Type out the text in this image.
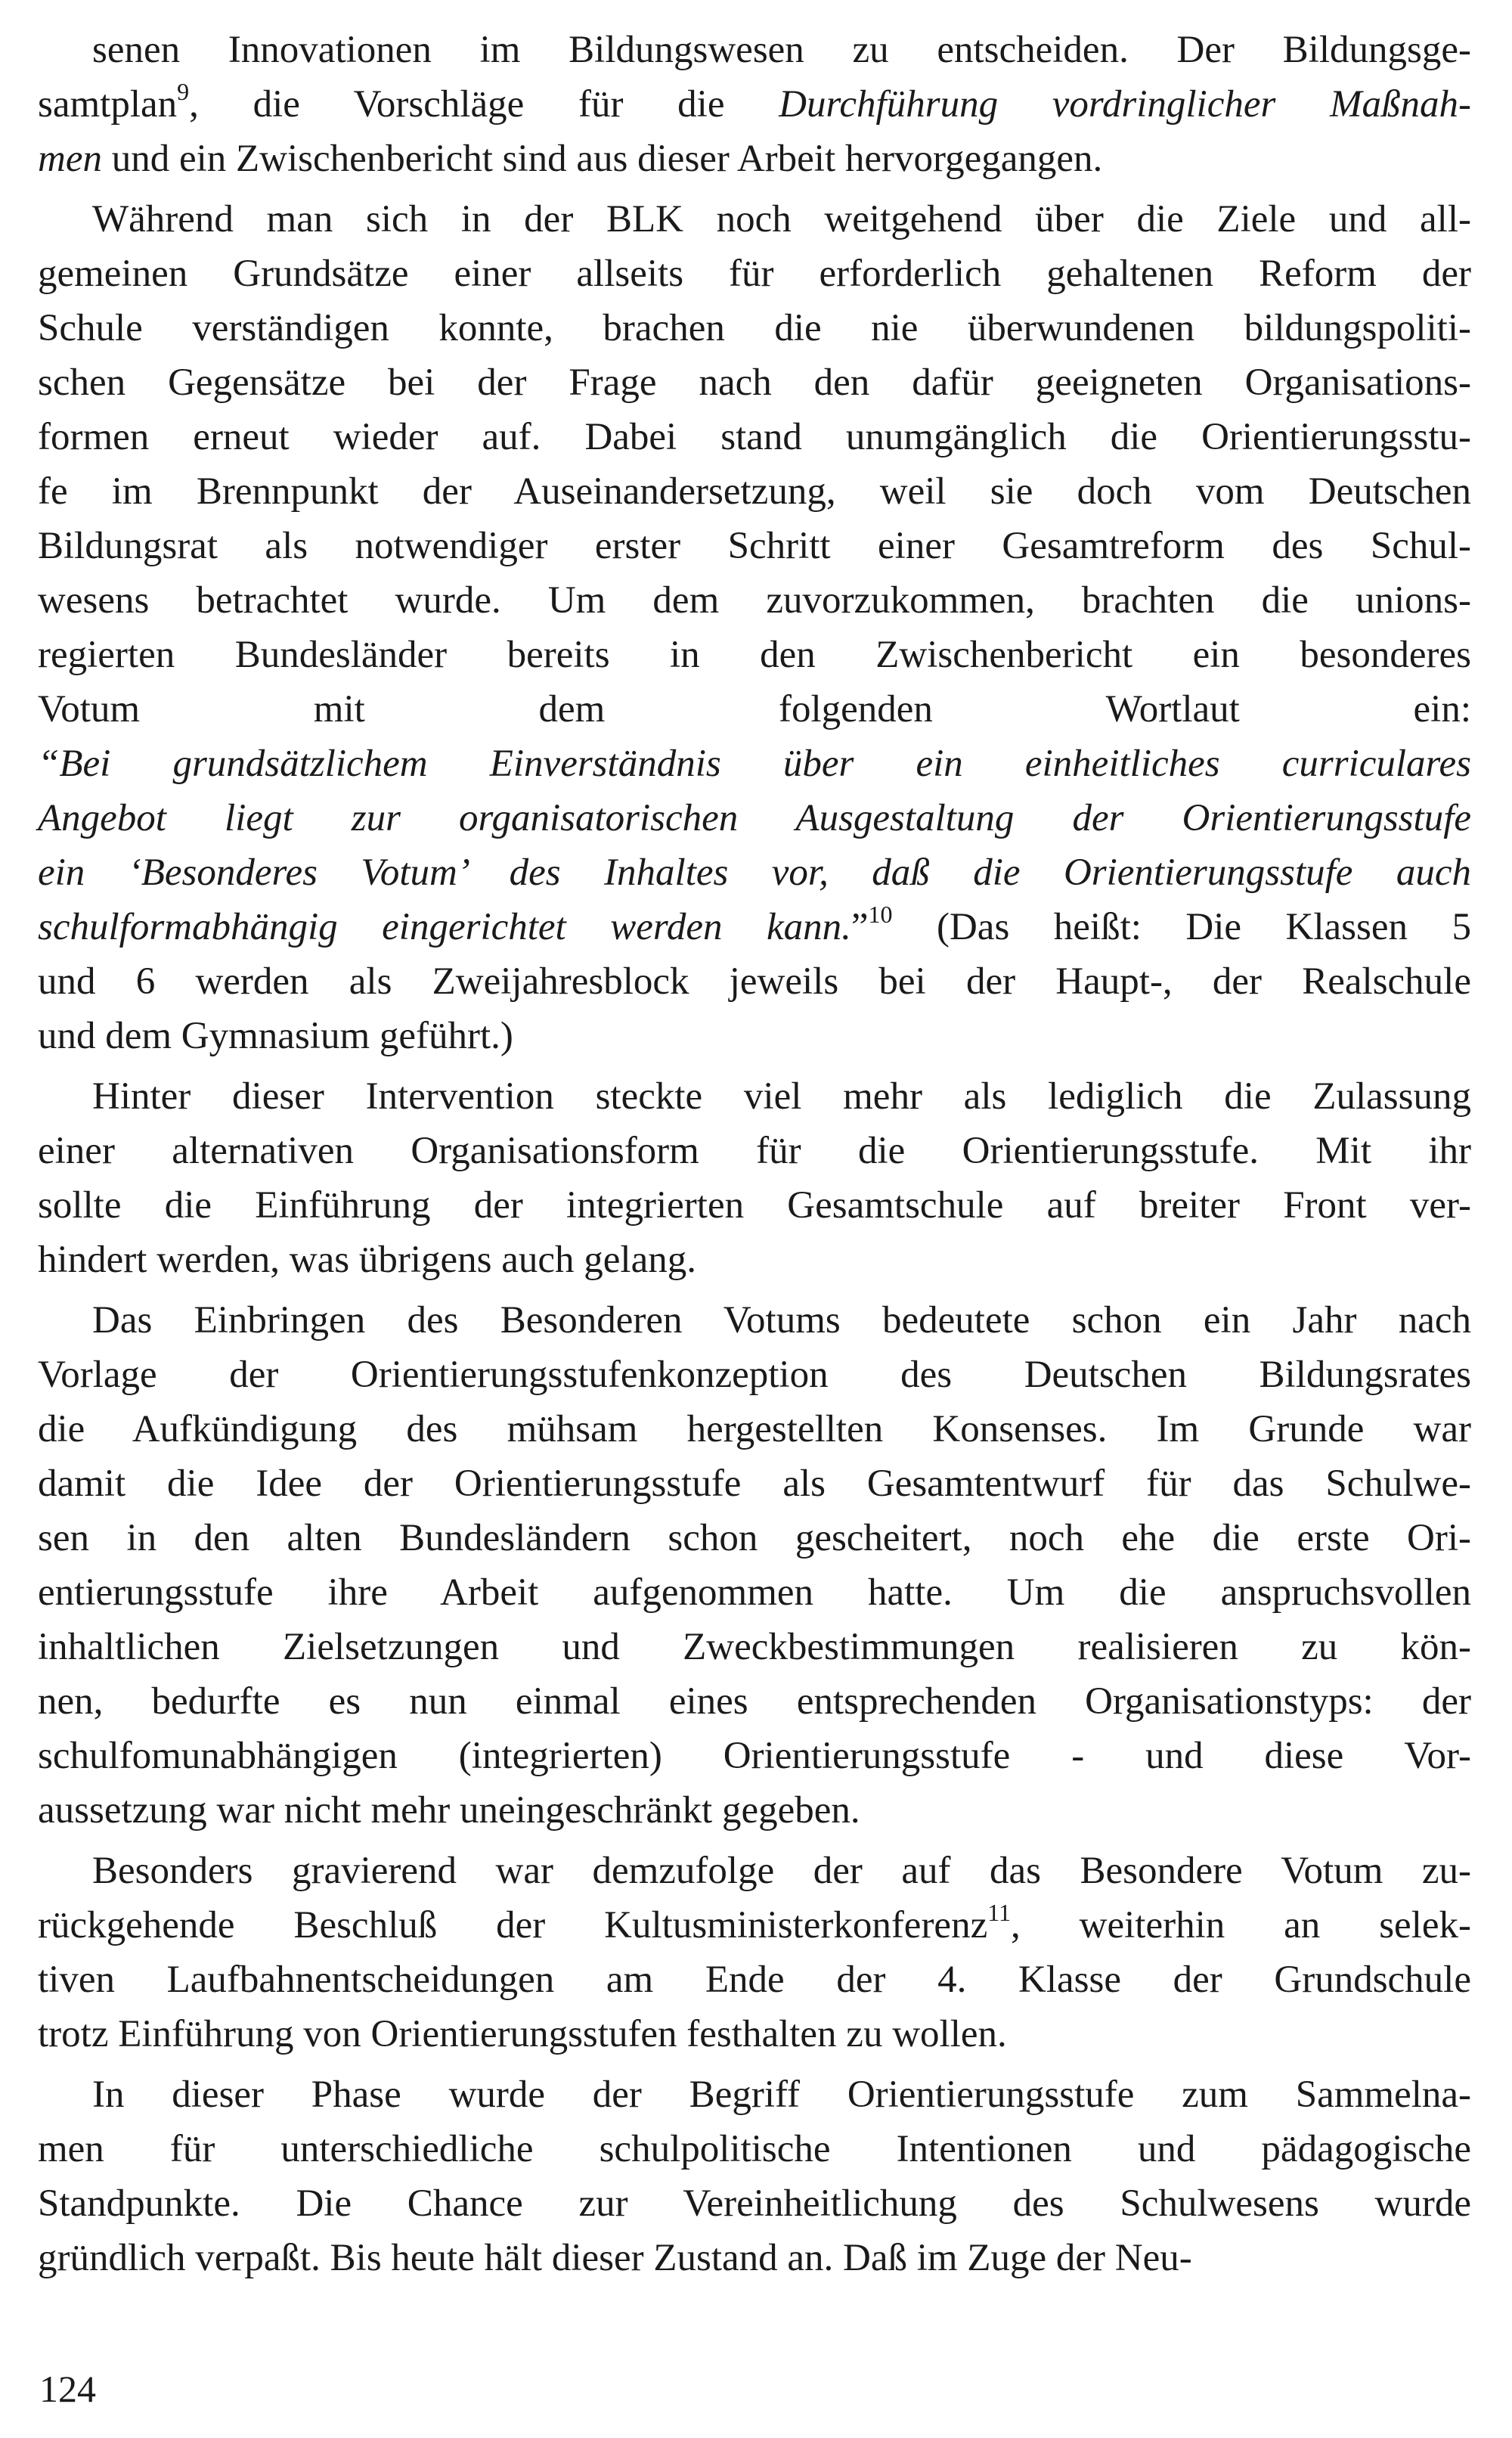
senen Innovationen im Bildungswesen zu entscheiden. Der Bildungsge-
samtplan$^9$, die Vorschläge für die Durchführung vordringlicher Maßnah-
men und ein Zwischenbericht sind aus dieser Arbeit hervorgegangen.
Während man sich in der BLK noch weitgehend über die Ziele und all-
gemeinen Grundsätze einer allseits für erforderlich gehaltenen Reform der
Schule verständigen konnte, brachen die nie überwundenen bildungspoliti-
schen Gegensätze bei der Frage nach den dafür geeigneten Organisations-
formen erneut wieder auf. Dabei stand unumgänglich die Orientierungsstu-
fe im Brennpunkt der Auseinandersetzung, weil sie doch vom Deutschen
Bildungsrat als notwendiger erster Schritt einer Gesamtreform des Schul-
wesens betrachtet wurde. Um dem zuvorzukommen, brachten die unions-
regierten Bundesländer bereits in den Zwischenbericht ein besonderes
Votum mit dem folgenden Wortlaut ein:
“Bei grundsätzlichem Einverständnis über ein einheitliches curriculares
Angebot liegt zur organisatorischen Ausgestaltung der Orientierungsstufe
ein ‘Besonderes Votum’ des Inhaltes vor, daß die Orientierungsstufe auch
schulformabhängig eingerichtet werden kann.”$^{10}$ (Das heißt: Die Klassen 5
und 6 werden als Zweijahresblock jeweils bei der Haupt-, der Realschule
und dem Gymnasium geführt.)
Hinter dieser Intervention steckte viel mehr als lediglich die Zulassung
einer alternativen Organisationsform für die Orientierungsstufe. Mit ihr
sollte die Einführung der integrierten Gesamtschule auf breiter Front ver-
hindert werden, was übrigens auch gelang.
Das Einbringen des Besonderen Votums bedeutete schon ein Jahr nach
Vorlage der Orientierungsstufenkonzeption des Deutschen Bildungsrates
die Aufkündigung des mühsam hergestellten Konsenses. Im Grunde war
damit die Idee der Orientierungsstufe als Gesamtentwurf für das Schulwe-
sen in den alten Bundesländern schon gescheitert, noch ehe die erste Ori-
entierungsstufe ihre Arbeit aufgenommen hatte. Um die anspruchsvollen
inhaltlichen Zielsetzungen und Zweckbestimmungen realisieren zu kön-
nen, bedurfte es nun einmal eines entsprechenden Organisationstyps: der
schulfomunabhängigen (integrierten) Orientierungsstufe - und diese Vor-
aussetzung war nicht mehr uneingeschränkt gegeben.
Besonders gravierend war demzufolge der auf das Besondere Votum zu-
rückgehende Beschluß der Kultusministerkonferenz$^{11}$, weiterhin an selek-
tiven Laufbahnentscheidungen am Ende der 4. Klasse der Grundschule
trotz Einführung von Orientierungsstufen festhalten zu wollen.
In dieser Phase wurde der Begriff Orientierungsstufe zum Sammelna-
men für unterschiedliche schulpolitische Intentionen und pädagogische
Standpunkte. Die Chance zur Vereinheitlichung des Schulwesens wurde
gründlich verpaßt. Bis heute hält dieser Zustand an. Daß im Zuge der Neu-
124
